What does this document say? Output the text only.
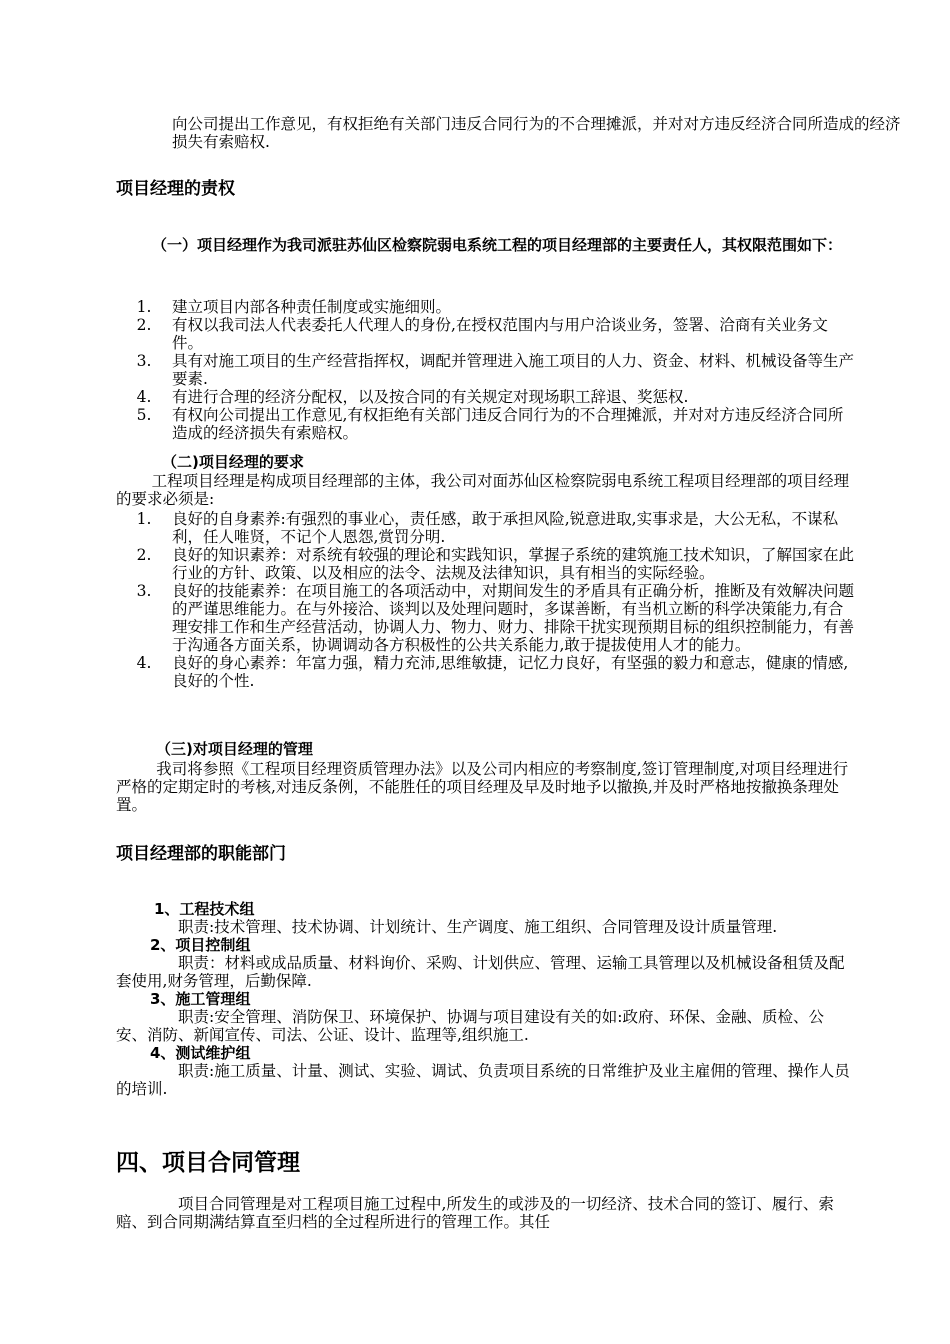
向公司提出工作意见，有权拒绝有关部门违反合同行为的不合理摊派，并对对方违反经济合同所造成的经济损失有索赔权.
项目经理的责权
（一）项目经理作为我司派驻苏仙区检察院弱电系统工程的项目经理部的主要责任人，其权限范围如下：
1.	建立项目内部各种责任制度或实施细则。
2.	有权以我司法人代表委托人代理人的身份,在授权范围内与用户洽谈业务，签署、洽商有关业务文件。
3.	具有对施工项目的生产经营指挥权，调配并管理进入施工项目的人力、资金、材料、机械设备等生产要素.
4.	有进行合理的经济分配权，以及按合同的有关规定对现场职工辞退、奖惩权.
5.	有权向公司提出工作意见,有权拒绝有关部门违反合同行为的不合理摊派，并对对方违反经济合同所造成的经济损失有索赔权。
（二)项目经理的要求
工程项目经理是构成项目经理部的主体，我公司对面苏仙区检察院弱电系统工程项目经理部的项目经理的要求必须是:
1.	良好的自身素养:有强烈的事业心，责任感，敢于承担风险,锐意进取,实事求是，大公无私，不谋私利，任人唯贤，不记个人恩怨,赏罚分明.
2.	良好的知识素养：对系统有较强的理论和实践知识，掌握子系统的建筑施工技术知识，了解国家在此行业的方针、政策、以及相应的法令、法规及法律知识，具有相当的实际经验。
3.	良好的技能素养：在项目施工的各项活动中，对期间发生的矛盾具有正确分析，推断及有效解决问题的严谨思维能力。在与外接洽、谈判以及处理问题时，多谋善断，有当机立断的科学决策能力,有合理安排工作和生产经营活动，协调人力、物力、财力、排除干扰实现预期目标的组织控制能力，有善于沟通各方面关系，协调调动各方积极性的公共关系能力,敢于提拔使用人才的能力。
4.	良好的身心素养：年富力强，精力充沛,思维敏捷，记忆力良好，有坚强的毅力和意志，健康的情感,良好的个性.
（三)对项目经理的管理
我司将参照《工程项目经理资质管理办法》以及公司内相应的考察制度,签订管理制度,对项目经理进行严格的定期定时的考核,对违反条例，不能胜任的项目经理及早及时地予以撤换,并及时严格地按撤换条理处置。
项目经理部的职能部门
1、工程技术组
职责:技术管理、技术协调、计划统计、生产调度、施工组织、合同管理及设计质量管理.
2、项目控制组
职责：材料或成品质量、材料询价、采购、计划供应、管理、运输工具管理以及机械设备租赁及配套使用,财务管理，后勤保障.
3、施工管理组
职责:安全管理、消防保卫、环境保护、协调与项目建设有关的如:政府、环保、金融、质检、公安、消防、新闻宣传、司法、公证、设计、监理等,组织施工.
4、测试维护组
职责:施工质量、计量、测试、实验、调试、负责项目系统的日常维护及业主雇佣的管理、操作人员的培训.
四、项目合同管理
项目合同管理是对工程项目施工过程中,所发生的或涉及的一切经济、技术合同的签订、履行、索赔、到合同期满结算直至归档的全过程所进行的管理工作。其任
